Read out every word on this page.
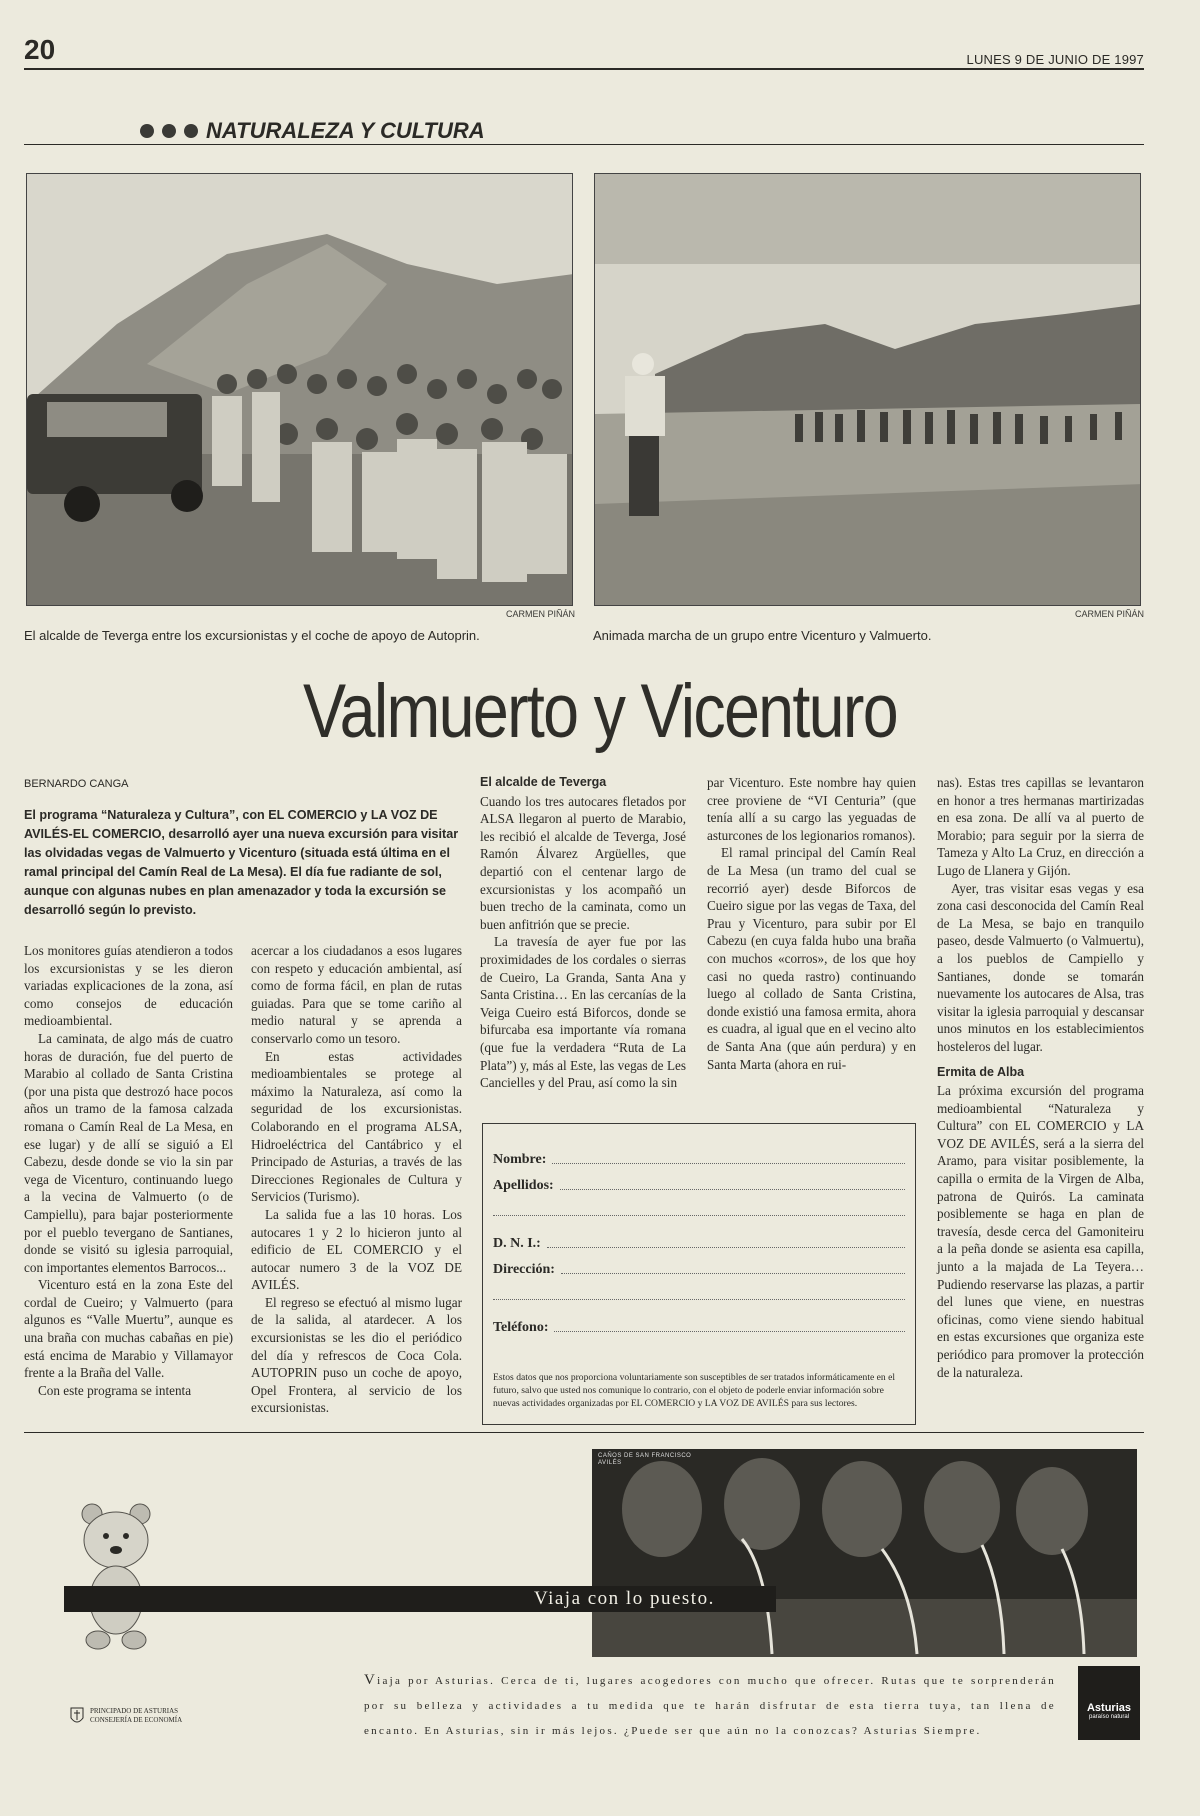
20	LUNES 9 DE JUNIO DE 1997
NATURALEZA Y CULTURA
CARMEN PIÑÁN
El alcalde de Teverga entre los excursionistas y el coche de apoyo de Autoprin.
CARMEN PIÑÁN
Animada marcha de un grupo entre Vicenturo y Valmuerto.
Valmuerto y Vicenturo
BERNARDO CANGA
El programa “Naturaleza y Cultura”, con EL COMERCIO y LA VOZ DE AVILÉS-EL COMERCIO, desarrolló ayer una nueva excursión para visitar las olvidadas vegas de Valmuerto y Vicenturo (situada está última en el ramal principal del Camín Real de La Mesa). El día fue radiante de sol, aunque con algunas nubes en plan amenazador y toda la excursión se desarrolló según lo previsto.

Los monitores guías atendieron a todos los excursionistas y se les dieron variadas explicaciones de la zona, así como consejos de educación medioambiental.

La caminata, de algo más de cuatro horas de duración, fue del puerto de Marabio al collado de Santa Cristina (por una pista que destrozó hace pocos años un tramo de la famosa calzada romana o Camín Real de La Mesa, en ese lugar) y de allí se siguió a El Cabezu, desde donde se vio la sin par vega de Vicenturo, continuando luego a la vecina de Valmuerto (o de Campiellu), para bajar posteriormente por el pueblo tevergano de Santianes, donde se visitó su iglesia parroquial, con importantes elementos Barrocos...

Vicenturo está en la zona Este del cordal de Cueiro; y Valmuerto (para algunos es “Valle Muertu”, aunque es una braña con muchas cabañas en pie) está encima de Marabio y Villamayor frente a la Braña del Valle.

Con este programa se intenta

acercar a los ciudadanos a esos lugares con respeto y educación ambiental, así como de forma fácil, en plan de rutas guiadas. Para que se tome cariño al medio natural y se aprenda a conservarlo como un tesoro.

En estas actividades medioambientales se protege al máximo la Naturaleza, así como la seguridad de los excursionistas. Colaborando en el programa ALSA, Hidroeléctrica del Cantábrico y el Principado de Asturias, a través de las Direcciones Regionales de Cultura y Servicios (Turismo).

La salida fue a las 10 horas. Los autocares 1 y 2 lo hicieron junto al edificio de EL COMERCIO y el autocar numero 3 de la VOZ DE AVILÉS.

El regreso se efectuó al mismo lugar de la salida, al atardecer. A los excursionistas se les dio el periódico del día y refrescos de Coca Cola. AUTOPRIN puso un coche de apoyo, Opel Frontera, al servicio de los excursionistas.

El alcalde de Teverga

Cuando los tres autocares fletados por ALSA llegaron al puerto de Marabio, les recibió el alcalde de Teverga, José Ramón Álvarez Argüelles, que departió con el centenar largo de excursionistas y los acompañó un buen trecho de la caminata, como un buen anfitrión que se precie.

La travesía de ayer fue por las proximidades de los cordales o sierras de Cueiro, La Granda, Santa Ana y Santa Cristina… En las cercanías de la Veiga Cueiro está Biforcos, donde se bifurcaba esa importante vía romana (que fue la verdadera “Ruta de La Plata”) y, más al Este, las vegas de Les Cancielles y del Prau, así como la sin

par Vicenturo. Este nombre hay quien cree proviene de “VI Centuria” (que tenía allí a su cargo las yeguadas de asturcones de los legionarios romanos).

El ramal principal del Camín Real de La Mesa (un tramo del cual se recorrió ayer) desde Biforcos de Cueiro sigue por las vegas de Taxa, del Prau y Vicenturo, para subir por El Cabezu (en cuya falda hubo una braña con muchos «corros», de los que hoy casi no queda rastro) continuando luego al collado de Santa Cristina, donde existió una famosa ermita, ahora es cuadra, al igual que en el vecino alto de Santa Ana (que aún perdura) y en Santa Marta (ahora en rui-

nas). Estas tres capillas se levantaron en honor a tres hermanas martirizadas en esa zona. De allí va al puerto de Morabio; para seguir por la sierra de Tameza y Alto La Cruz, en dirección a Lugo de Llanera y Gijón.

Ayer, tras visitar esas vegas y esa zona casi desconocida del Camín Real de La Mesa, se bajo en tranquilo paseo, desde Valmuerto (o Valmuertu), a los pueblos de Campiello y Santianes, donde se tomarán nuevamente los autocares de Alsa, tras visitar la iglesia parroquial y descansar unos minutos en los establecimientos hosteleros del lugar.

Ermita de Alba

La próxima excursión del programa medioambiental “Naturaleza y Cultura” con EL COMERCIO y LA VOZ DE AVILÉS, será a la sierra del Aramo, para visitar posiblemente, la capilla o ermita de la Virgen de Alba, patrona de Quirós. La caminata posiblemente se haga en plan de travesía, desde cerca del Gamoniteiru a la peña donde se asienta esa capilla, junto a la majada de La Teyera… Pudiendo reservarse las plazas, a partir del lunes que viene, en nuestras oficinas, como viene siendo habitual en estas excursiones que organiza este periódico para promover la protección de la naturaleza.

Nombre:
Apellidos:
D. N. I.:
Dirección:
Teléfono:
Estos datos que nos proporciona voluntariamente son susceptibles de ser tratados informáticamente en el futuro, salvo que usted nos comunique lo contrario, con el objeto de poderle enviar información sobre nuevas actividades organizadas por EL COMERCIO y LA VOZ DE AVILÉS para sus lectores.
CAÑOS DE SAN FRANCISCO
AVILÉS
Viaja con lo puesto.
Viaja por Asturias. Cerca de ti, lugares acogedores con mucho que ofrecer. Rutas que te sorprenderán por su belleza y actividades a tu medida que te harán disfrutar de esta tierra tuya, tan llena de encanto. En Asturias, sin ir más lejos. ¿Puede ser que aún no la conozcas? Asturias Siempre.
Asturias
paraíso natural
PRINCIPADO DE ASTURIAS
CONSEJERÍA DE ECONOMÍA
